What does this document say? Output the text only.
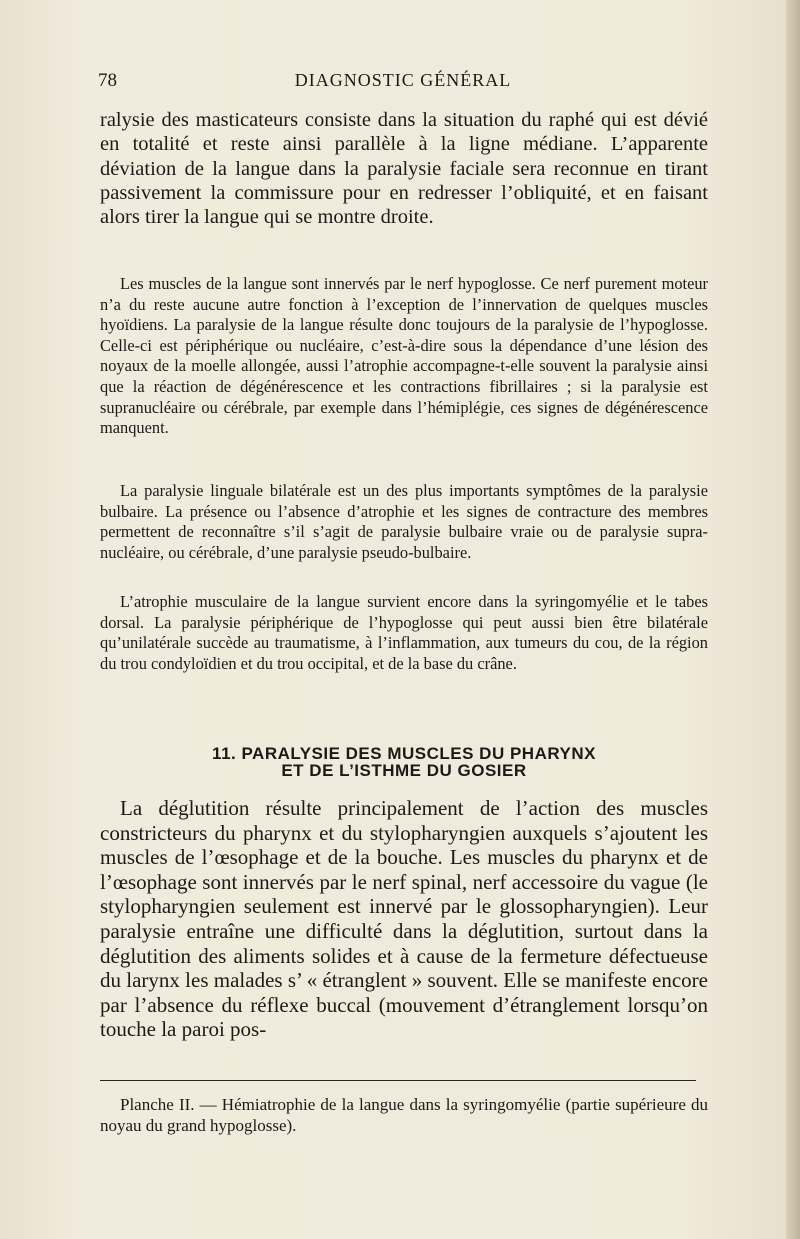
78	DIAGNOSTIC GÉNÉRAL

ralysie des masticateurs consiste dans la situation du raphé qui est dévié en totalité et reste ainsi parallèle à la ligne médiane. L’apparente déviation de la langue dans la paralysie faciale sera reconnue en tirant passivement la commissure pour en redresser l’obliquité, et en faisant alors tirer la langue qui se montre droite.

Les muscles de la langue sont innervés par le nerf hypoglosse. Ce nerf purement moteur n’a du reste aucune autre fonction à l’exception de l’innervation de quelques muscles hyoïdiens. La paralysie de la langue résulte donc toujours de la paralysie de l’hypoglosse. Celle-ci est périphérique ou nucléaire, c’est-à-dire sous la dépendance d’une lésion des noyaux de la moelle allongée, aussi l’atrophie accompagne-t-elle souvent la paralysie ainsi que la réaction de dégénérescence et les contractions fibrillaires ; si la paralysie est supranucléaire ou cérébrale, par exemple dans l’hémiplégie, ces signes de dégénérescence manquent.

La paralysie linguale bilatérale est un des plus importants symptômes de la paralysie bulbaire. La présence ou l’absence d’atrophie et les signes de contracture des membres permettent de reconnaître s’il s’agit de paralysie bulbaire vraie ou de paralysie supra-nucléaire, ou cérébrale, d’une paralysie pseudo-bulbaire.

L’atrophie musculaire de la langue survient encore dans la syringomyélie et le tabes dorsal. La paralysie périphérique de l’hypoglosse qui peut aussi bien être bilatérale qu’unilatérale succède au traumatisme, à l’inflammation, aux tumeurs du cou, de la région du trou condyloïdien et du trou occipital, et de la base du crâne.

11. PARALYSIE DES MUSCLES DU PHARYNX
ET DE L’ISTHME DU GOSIER

La déglutition résulte principalement de l’action des muscles constricteurs du pharynx et du stylopharyngien auxquels s’ajoutent les muscles de l’œsophage et de la bouche. Les muscles du pharynx et de l’œsophage sont innervés par le nerf spinal, nerf accessoire du vague (le stylopharyngien seulement est innervé par le glossopharyngien). Leur paralysie entraîne une difficulté dans la déglutition, surtout dans la déglutition des aliments solides et à cause de la fermeture défectueuse du larynx les malades s’ « étranglent » souvent. Elle se manifeste encore par l’absence du réflexe buccal (mouvement d’étranglement lorsqu’on touche la paroi pos-

Planche II. — Hémiatrophie de la langue dans la syringomyélie (partie supérieure du noyau du grand hypoglosse).
